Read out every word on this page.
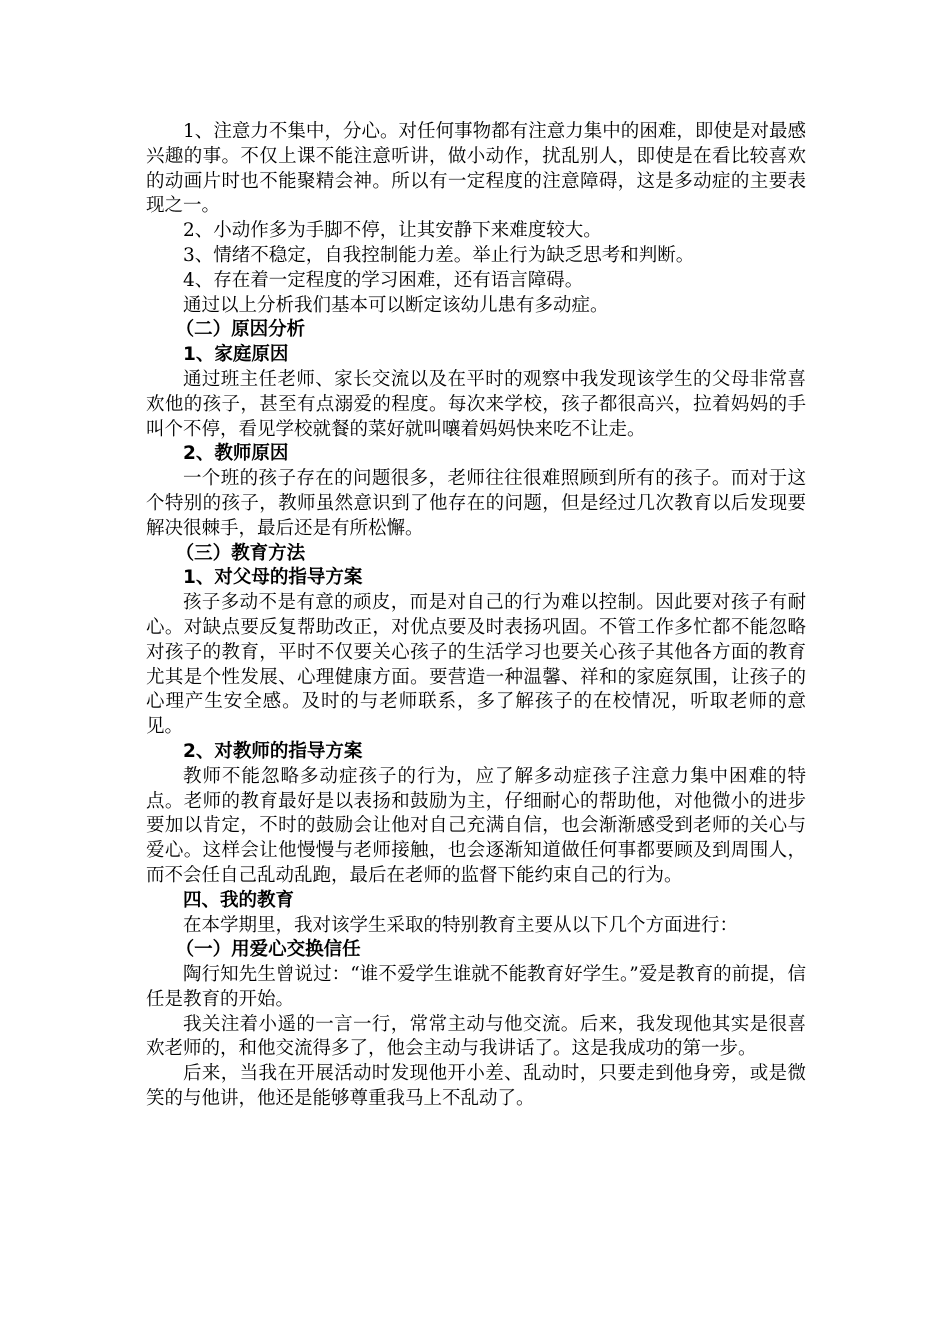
1、注意力不集中，分心。对任何事物都有注意力集中的困难，即使是对最感兴趣的事。不仅上课不能注意听讲，做小动作，扰乱别人，即使是在看比较喜欢的动画片时也不能聚精会神。所以有一定程度的注意障碍，这是多动症的主要表现之一。

2、小动作多为手脚不停，让其安静下来难度较大。

3、情绪不稳定，自我控制能力差。举止行为缺乏思考和判断。

4、存在着一定程度的学习困难，还有语言障碍。

通过以上分析我们基本可以断定该幼儿患有多动症。

（二）原因分析

1、家庭原因

通过班主任老师、家长交流以及在平时的观察中我发现该学生的父母非常喜欢他的孩子，甚至有点溺爱的程度。每次来学校，孩子都很高兴，拉着妈妈的手叫个不停，看见学校就餐的菜好就叫嚷着妈妈快来吃不让走。

2、教师原因

一个班的孩子存在的问题很多，老师往往很难照顾到所有的孩子。而对于这个特别的孩子，教师虽然意识到了他存在的问题，但是经过几次教育以后发现要解决很棘手，最后还是有所松懈。

（三）教育方法

1、对父母的指导方案

孩子多动不是有意的顽皮，而是对自己的行为难以控制。因此要对孩子有耐心。对缺点要反复帮助改正，对优点要及时表扬巩固。不管工作多忙都不能忽略对孩子的教育，平时不仅要关心孩子的生活学习也要关心孩子其他各方面的教育尤其是个性发展、心理健康方面。要营造一种温馨、祥和的家庭氛围，让孩子的心理产生安全感。及时的与老师联系，多了解孩子的在校情况，听取老师的意见。

2、对教师的指导方案

教师不能忽略多动症孩子的行为，应了解多动症孩子注意力集中困难的特点。老师的教育最好是以表扬和鼓励为主，仔细耐心的帮助他，对他微小的进步要加以肯定，不时的鼓励会让他对自己充满自信，也会渐渐感受到老师的关心与爱心。这样会让他慢慢与老师接触，也会逐渐知道做任何事都要顾及到周围人，而不会任自己乱动乱跑，最后在老师的监督下能约束自己的行为。

四、我的教育

在本学期里，我对该学生采取的特别教育主要从以下几个方面进行：

（一）用爱心交换信任

陶行知先生曾说过：“谁不爱学生谁就不能教育好学生。”爱是教育的前提，信任是教育的开始。

我关注着小遥的一言一行，常常主动与他交流。后来，我发现他其实是很喜欢老师的，和他交流得多了，他会主动与我讲话了。这是我成功的第一步。

后来，当我在开展活动时发现他开小差、乱动时，只要走到他身旁，或是微笑的与他讲，他还是能够尊重我马上不乱动了。
